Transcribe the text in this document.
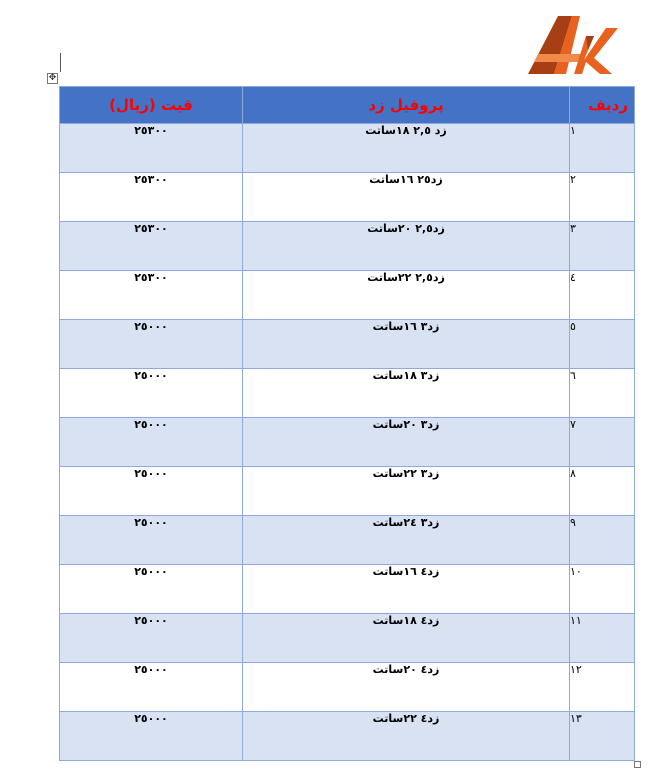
✥
قیت (ریال)	پروفیل زد	ردیف
٢٥٣٠٠	زد ٢,٥ ١٨ساتت	١
٢٥٣٠٠	زد٢٥ ١٦ساتت	٢
٢٥٣٠٠	زد٢,٥ ٢٠ساتت	٣
٢٥٣٠٠	زد٢,٥ ٢٢ساتت	٤
٢٥٠٠٠	زد٣ ١٦ساتت	٥
٢٥٠٠٠	زد٣ ١٨ساتت	٦
٢٥٠٠٠	زد٣ ٢٠ساتت	٧
٢٥٠٠٠	زد٣ ٢٢ساتت	٨
٢٥٠٠٠	زد٣ ٢٤ساتت	٩
٢٥٠٠٠	زد٤ ١٦ساتت	١٠
٢٥٠٠٠	زد٤ ١٨ساتت	١١
٢٥٠٠٠	زد٤ ٢٠ساتت	١٢
٢٥٠٠٠	زد٤ ٢٢ساتت	١٣
